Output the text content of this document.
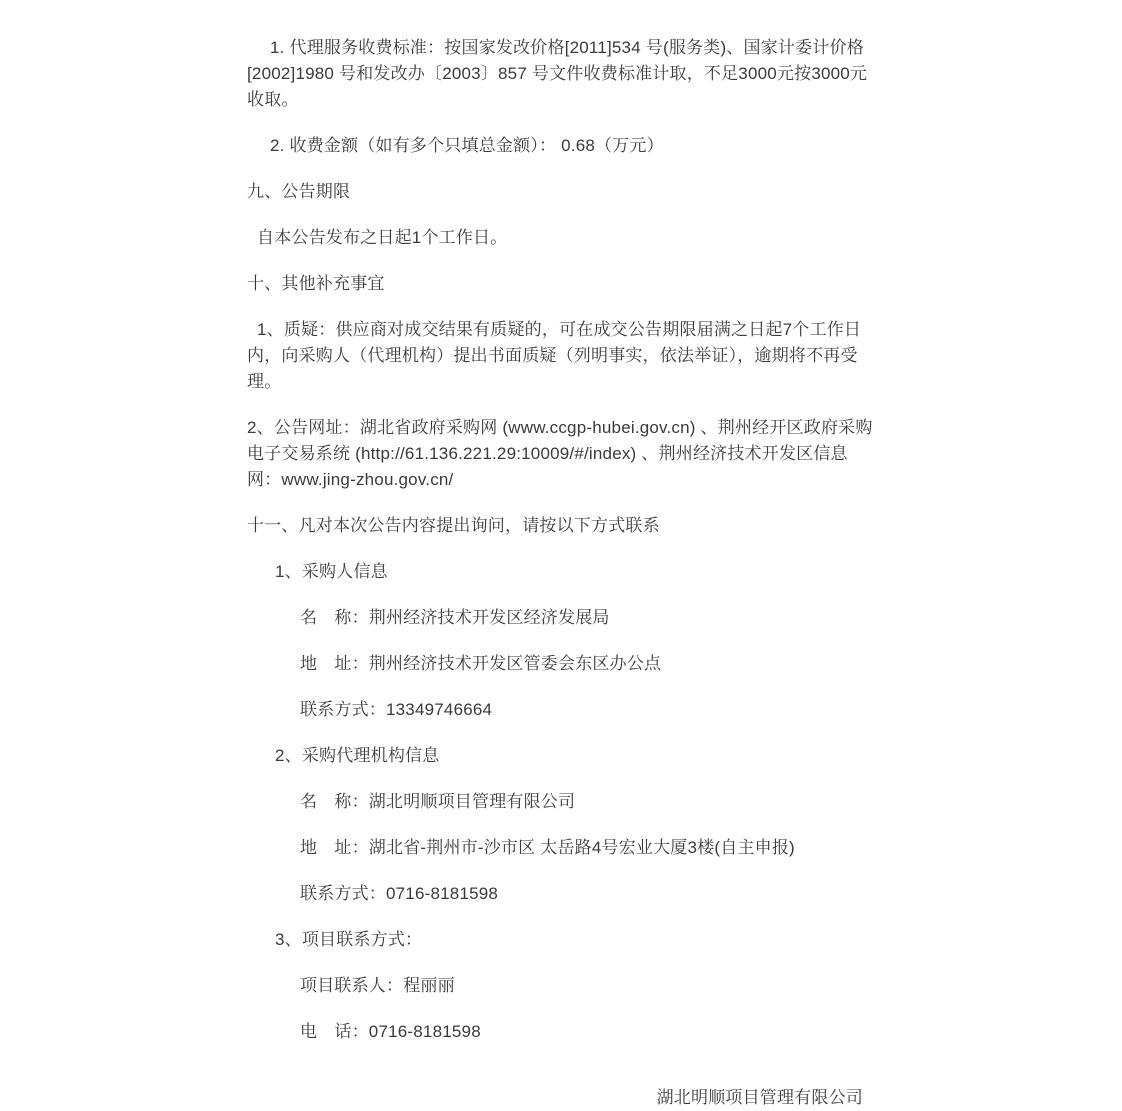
1. 代理服务收费标准：按国家发改价格[2011]534 号(服务类)、国家计委计价格[2002]1980 号和发改办〔2003〕857 号文件收费标准计取，不足3000元按3000元收取。

2. 收费金额（如有多个只填总金额）： 0.68（万元）

九、公告期限

自本公告发布之日起1个工作日。

十、其他补充事宜

1、质疑：供应商对成交结果有质疑的，可在成交公告期限届满之日起7个工作日内，向采购人（代理机构）提出书面质疑（列明事实，依法举证），逾期将不再受理。

2、公告网址：湖北省政府采购网 (www.ccgp-hubei.gov.cn) 、荆州经开区政府采购电子交易系统 (http://61.136.221.29:10009/#/index) 、荆州经济技术开发区信息网：www.jing-zhou.gov.cn/

十一、凡对本次公告内容提出询问，请按以下方式联系

1、采购人信息

名　称：荆州经济技术开发区经济发展局

地　址：荆州经济技术开发区管委会东区办公点

联系方式：13349746664

2、采购代理机构信息

名　称：湖北明顺项目管理有限公司

地　址：湖北省-荆州市-沙市区 太岳路4号宏业大厦3楼(自主申报)

联系方式：0716-8181598

3、项目联系方式：

项目联系人：程丽丽

电　话：0716-8181598

湖北明顺项目管理有限公司
